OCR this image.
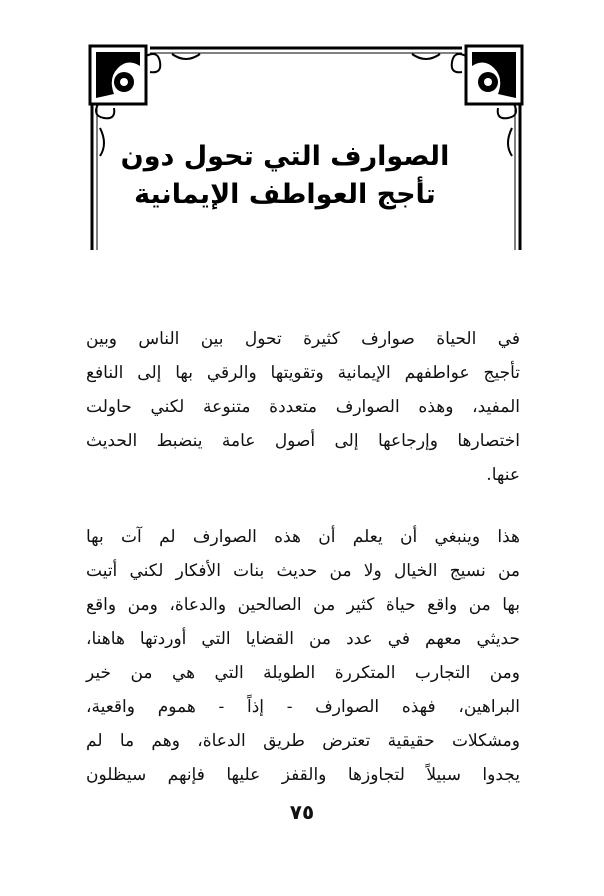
الصوارف التي تحول دون
تأجج العواطف الإيمانية
في الحياة صوارف كثيرة تحول بين الناس وبين
تأجيج عواطفهم الإيمانية وتقويتها والرقي بها إلى النافع
المفيد، وهذه الصوارف متعددة متنوعة لكني حاولت
اختصارها وإرجاعها إلى أصول عامة ينضبط الحديث
عنها.
هذا وينبغي أن يعلم أن هذه الصوارف لم آت بها
من نسيج الخيال ولا من حديث بنات الأفكار لكني أتيت
بها من واقع حياة كثير من الصالحين والدعاة، ومن واقع
حديثي معهم في عدد من القضايا التي أوردتها هاهنا،
ومن التجارب المتكررة الطويلة التي هي من خير
البراهين، فهذه الصوارف - إذاً - هموم واقعية،
ومشكلات حقيقية تعترض طريق الدعاة، وهم ما لم
يجدوا سبيلاً لتجاوزها والقفز عليها فإنهم سيظلون
٧٥
